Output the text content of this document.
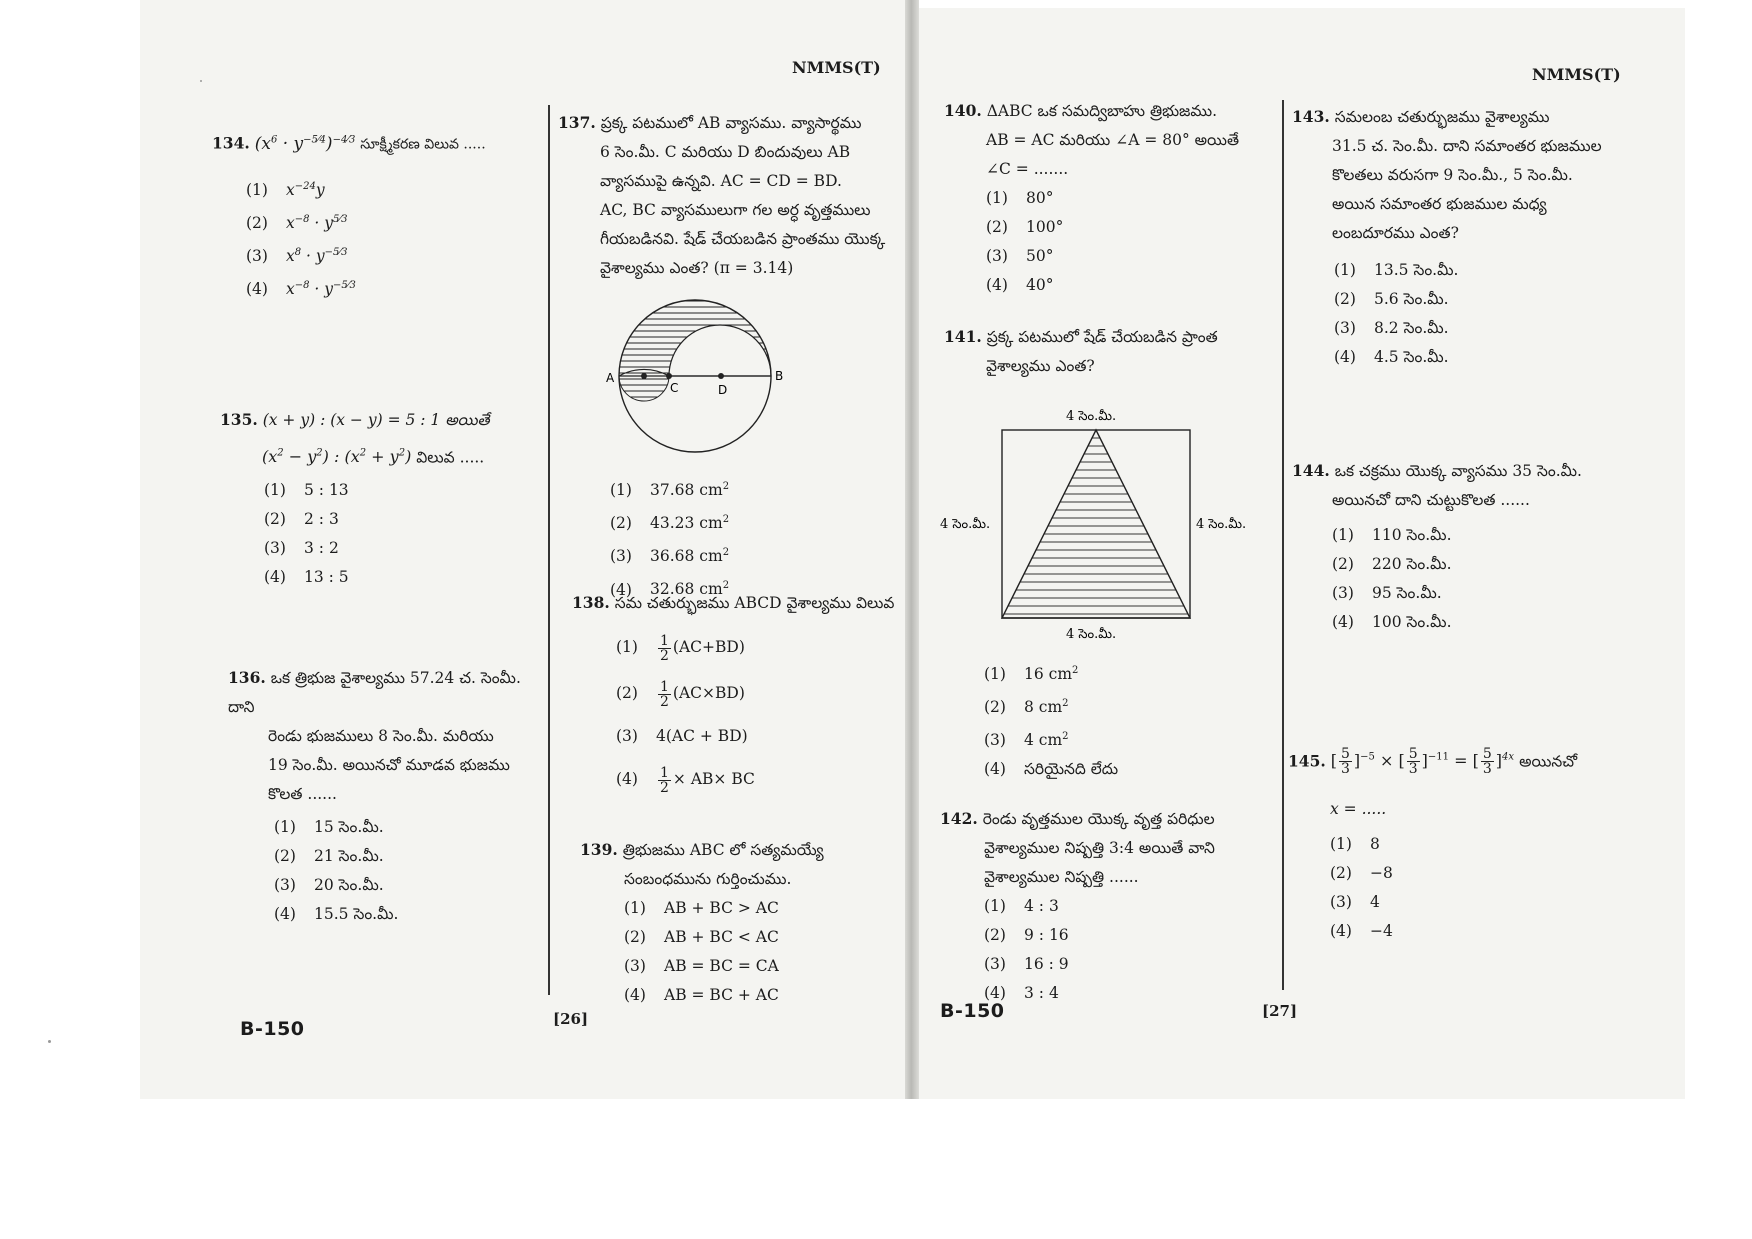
NMMS(T)	NMMS(T)
134. $(x^6 \cdot y^{-5⁄4})^{-4⁄3}$ సూక్ష్మీకరణ విలువ .....
(1) $x^{-24}y$
(2) $x^{-8} \cdot y^{5⁄3}$
(3) $x^8 \cdot y^{-5⁄3}$
(4) $x^{-8} \cdot y^{-5⁄3}$
135. (x + y) : (x − y) = 5 : 1 అయితే
$(x^2 - y^2)$ : $(x^2 + y^2)$ విలువ .....
(1) 5 : 13
(2) 2 : 3
(3) 3 : 2
(4) 13 : 5
136. ఒక త్రిభుజ వైశాల్యము 57.24 చ. సెంమీ. దాని
రెండు భుజములు 8 సెం.మీ. మరియు
19 సెం.మీ. అయినచో మూడవ భుజము
కొలత ......
(1) 15 సెం.మీ.
(2) 21 సెం.మీ.
(3) 20 సెం.మీ.
(4) 15.5 సెం.మీ.
B-150	[26]
137. ప్రక్క పటములో AB వ్యాసము. వ్యాసార్థము
6 సెం.మీ. C మరియు D బిందువులు AB
వ్యాసముపై ఉన్నవి. AC = CD = BD.
AC, BC వ్యాసములుగా గల అర్ధ వృత్తములు
గీయబడినవి. షేడ్ చేయబడిన ప్రాంతము యొక్క
వైశాల్యము ఎంత? (π = 3.14)
A	B
C	D
(1) 37.68 $cm^2$
(2) 43.23 $cm^2$
(3) 36.68 $cm^2$
(4) 32.68 $cm^2$
138. సమ చతుర్భుజము ABCD వైశాల్యము విలువ
$(1) \frac{1}{2} (AC+BD)$
$(2) \frac{1}{2} (AC\times BD)$
(3) 4(AC + BD)
$(4) \frac{1}{2} \times AB\times$ BC
139. త్రిభుజము ABC లో సత్యమయ్యే
సంబంధమును గుర్తించుము.
(1) AB + BC > AC
(2) AB + BC < AC
(3) AB = BC = CA
(4) AB = BC + AC
140. ΔABC ఒక సమద్విబాహు త్రిభుజము.
AB = AC మరియు ∠A = 80° అయితే
∠C = .......
(1) 80°
(2) 100°
(3) 50°
(4) 40°
141. ప్రక్క పటములో షేడ్ చేయబడిన ప్రాంత
వైశాల్యము ఎంత?
4 సెం.మీ.
4 సెం.మీ.	4 సెం.మీ.
4 సెం.మీ.
(1) 16 $cm^2$
(2) 8 $cm^2$
(3) 4 $cm^2$
(4) సరియైనది లేదు
142. రెండు వృత్తముల యొక్క వృత్త పరిధుల
వైశాల్యముల నిష్పత్తి 3:4 అయితే వాని
వైశాల్యముల నిష్పత్తి ......
(1) 4 : 3
(2) 9 : 16
(3) 16 : 9
(4) 3 : 4
B-150	[27]
143. సమలంబ చతుర్భుజము వైశాల్యము
31.5 చ. సెం.మీ. దాని సమాంతర భుజముల
కొలతలు వరుసగా 9 సెం.మీ., 5 సెం.మీ.
అయిన సమాంతర భుజముల మధ్య
లంబదూరము ఎంత?
(1) 13.5 సెం.మీ.
(2) 5.6 సెం.మీ.
(3) 8.2 సెం.మీ.
(4) 4.5 సెం.మీ.
144. ఒక చక్రము యొక్క వ్యాసము 35 సెం.మీ.
అయినచో దాని చుట్టుకొలత ......
(1) 110 సెం.మీ.
(2) 220 సెం.మీ.
(3) 95 సెం.మీ.
(4) 100 సెం.మీ.
145. [ $\frac{5}{3} ]^{-5}$ × [ $\frac{5}{3} ]^{-11}$ = [ $\frac{5}{3} ]^{4x}$ అయినచో
x = .....
(1) 8
(2) −8
(3) 4
(4) −4
